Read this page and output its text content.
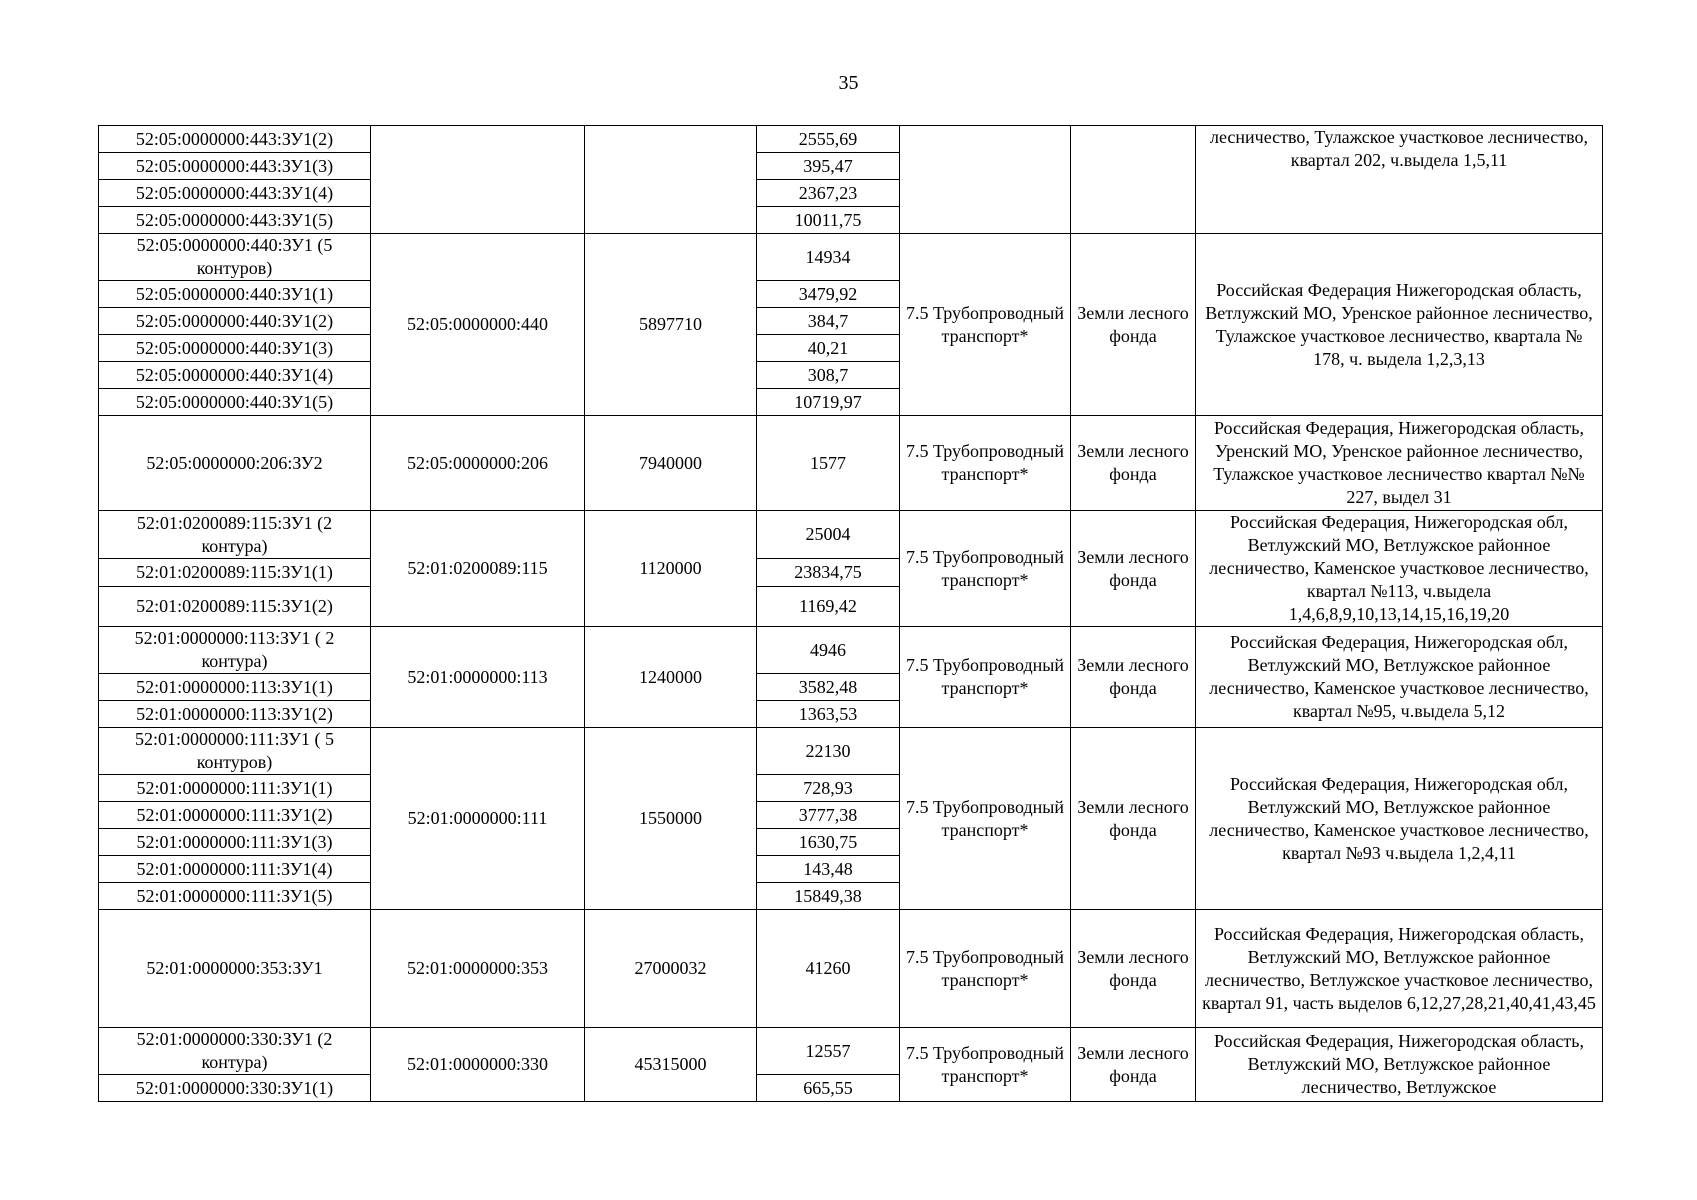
35
52:05:0000000:443:ЗУ1(2)			2555,69			лесничество, Тулажское участковое лесничество, квартал 202, ч.выдела 1,5,11
52:05:0000000:443:ЗУ1(3)			395,47			
52:05:0000000:443:ЗУ1(4)			2367,23			
52:05:0000000:443:ЗУ1(5)			10011,75			
52:05:0000000:440:ЗУ1 (5 контуров)	52:05:0000000:440	5897710	14934	7.5 Трубопроводный транспорт*	Земли лесного фонда	Российская Федерация Нижегородская область, Ветлужский МО, Уренское районное лесничество, Тулажское участковое лесничество, квартала № 178, ч. выдела 1,2,3,13
52:05:0000000:440:ЗУ1(1)			3479,92			
52:05:0000000:440:ЗУ1(2)			384,7			
52:05:0000000:440:ЗУ1(3)			40,21			
52:05:0000000:440:ЗУ1(4)			308,7			
52:05:0000000:440:ЗУ1(5)			10719,97			
52:05:0000000:206:ЗУ2	52:05:0000000:206	7940000	1577	7.5 Трубопроводный транспорт*	Земли лесного фонда	Российская Федерация, Нижегородская область, Уренский МО, Уренское районное лесничество, Тулажское участковое лесничество квартал №№ 227, выдел 31
52:01:0200089:115:ЗУ1 (2 контура)	52:01:0200089:115	1120000	25004	7.5 Трубопроводный транспорт*	Земли лесного фонда	Российская Федерация, Нижегородская обл, Ветлужский МО, Ветлужское районное лесничество, Каменское участковое лесничество, квартал №113, ч.выдела 1,4,6,8,9,10,13,14,15,16,19,20
52:01:0200089:115:ЗУ1(1)			23834,75			
52:01:0200089:115:ЗУ1(2)			1169,42			
52:01:0000000:113:ЗУ1 ( 2 контура)	52:01:0000000:113	1240000	4946	7.5 Трубопроводный транспорт*	Земли лесного фонда	Российская Федерация, Нижегородская обл, Ветлужский МО, Ветлужское районное лесничество, Каменское участковое лесничество, квартал №95, ч.выдела 5,12
52:01:0000000:113:ЗУ1(1)			3582,48			
52:01:0000000:113:ЗУ1(2)			1363,53			
52:01:0000000:111:ЗУ1 ( 5 контуров)	52:01:0000000:111	1550000	22130	7.5 Трубопроводный транспорт*	Земли лесного фонда	Российская Федерация, Нижегородская обл, Ветлужский МО, Ветлужское районное лесничество, Каменское участковое лесничество, квартал №93 ч.выдела 1,2,4,11
52:01:0000000:111:ЗУ1(1)			728,93			
52:01:0000000:111:ЗУ1(2)			3777,38			
52:01:0000000:111:ЗУ1(3)			1630,75			
52:01:0000000:111:ЗУ1(4)			143,48			
52:01:0000000:111:ЗУ1(5)			15849,38			
52:01:0000000:353:ЗУ1	52:01:0000000:353	27000032	41260	7.5 Трубопроводный транспорт*	Земли лесного фонда	Российская Федерация, Нижегородская область, Ветлужский МО, Ветлужское районное лесничество, Ветлужское участковое лесничество, квартал 91, часть выделов 6,12,27,28,21,40,41,43,45
52:01:0000000:330:ЗУ1 (2 контура)	52:01:0000000:330	45315000	12557	7.5 Трубопроводный транспорт*	Земли лесного фонда	Российская Федерация, Нижегородская область, Ветлужский МО, Ветлужское районное лесничество, Ветлужское
52:01:0000000:330:ЗУ1(1)			665,55			
